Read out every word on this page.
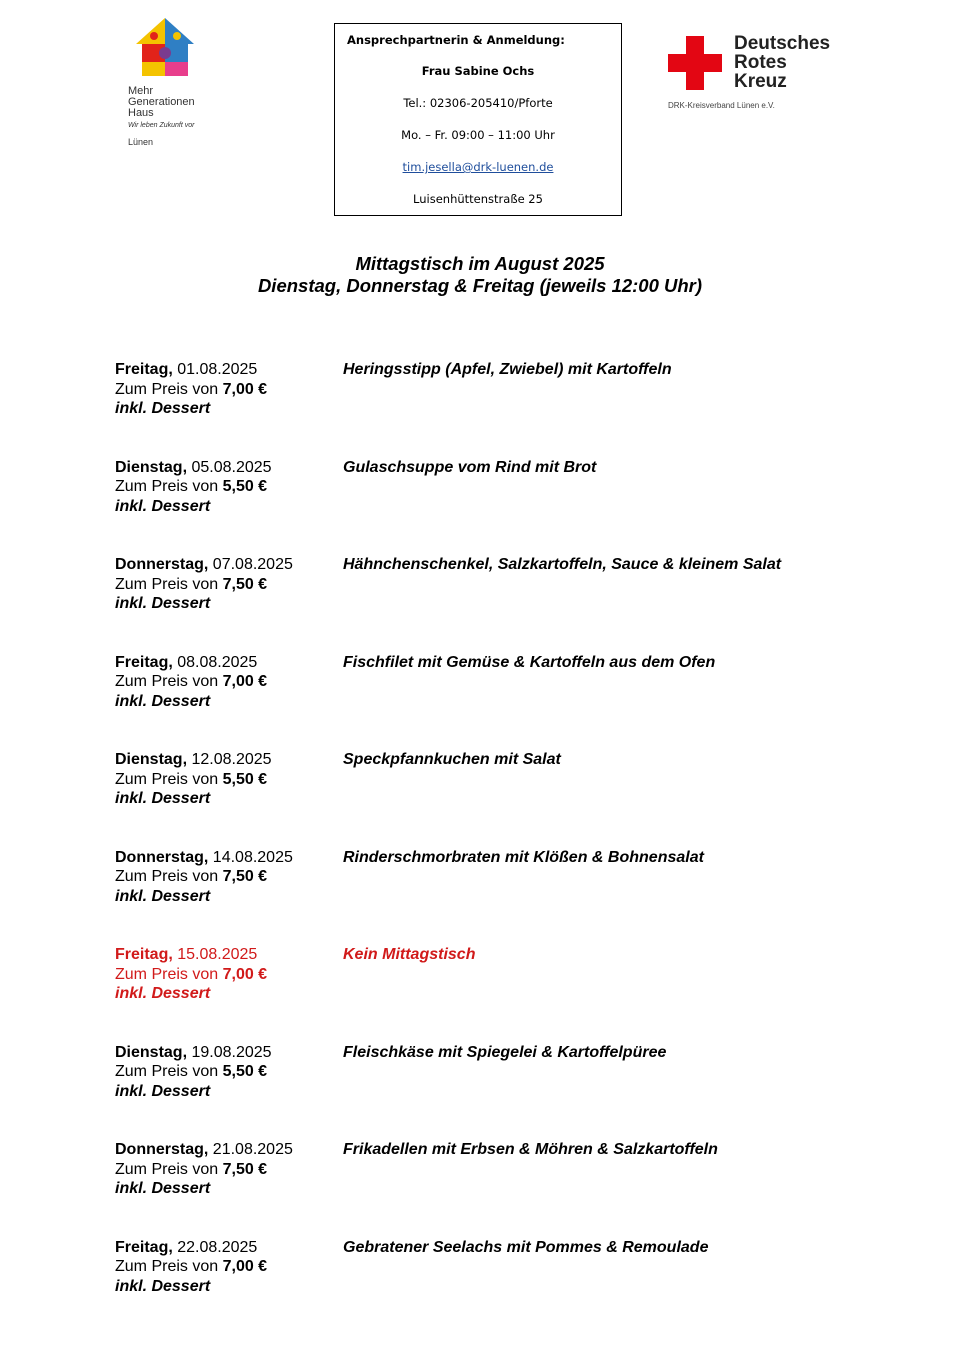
Mehr
Generationen
Haus
Wir leben Zukunft vor
Lünen
Ansprechpartnerin & Anmeldung:
Frau Sabine Ochs
Tel.: 02306-205410/Pforte
Mo. – Fr. 09:00 – 11:00 Uhr
tim.jesella@drk-luenen.de
Luisenhüttenstraße 25
Deutsches
Rotes
Kreuz
DRK-Kreisverband Lünen e.V.
Mittagstisch im August 2025
Dienstag, Donnerstag & Freitag (jeweils 12:00 Uhr)
Freitag, 01.08.2025
Zum Preis von 7,00 €
inkl. Dessert
Heringsstipp (Apfel, Zwiebel) mit Kartoffeln
Dienstag, 05.08.2025
Zum Preis von 5,50 €
inkl. Dessert
Gulaschsuppe vom Rind mit Brot
Donnerstag, 07.08.2025
Zum Preis von 7,50 €
inkl. Dessert
Hähnchenschenkel, Salzkartoffeln, Sauce & kleinem Salat
Freitag, 08.08.2025
Zum Preis von 7,00 €
inkl. Dessert
Fischfilet mit Gemüse & Kartoffeln aus dem Ofen
Dienstag, 12.08.2025
Zum Preis von 5,50 €
inkl. Dessert
Speckpfannkuchen mit Salat
Donnerstag, 14.08.2025
Zum Preis von 7,50 €
inkl. Dessert
Rinderschmorbraten mit Klößen & Bohnensalat
Freitag, 15.08.2025
Zum Preis von 7,00 €
inkl. Dessert
Kein Mittagstisch
Dienstag, 19.08.2025
Zum Preis von 5,50 €
inkl. Dessert
Fleischkäse mit Spiegelei & Kartoffelpüree
Donnerstag, 21.08.2025
Zum Preis von 7,50 €
inkl. Dessert
Frikadellen mit Erbsen & Möhren & Salzkartoffeln
Freitag, 22.08.2025
Zum Preis von 7,00 €
inkl. Dessert
Gebratener Seelachs mit Pommes & Remoulade
